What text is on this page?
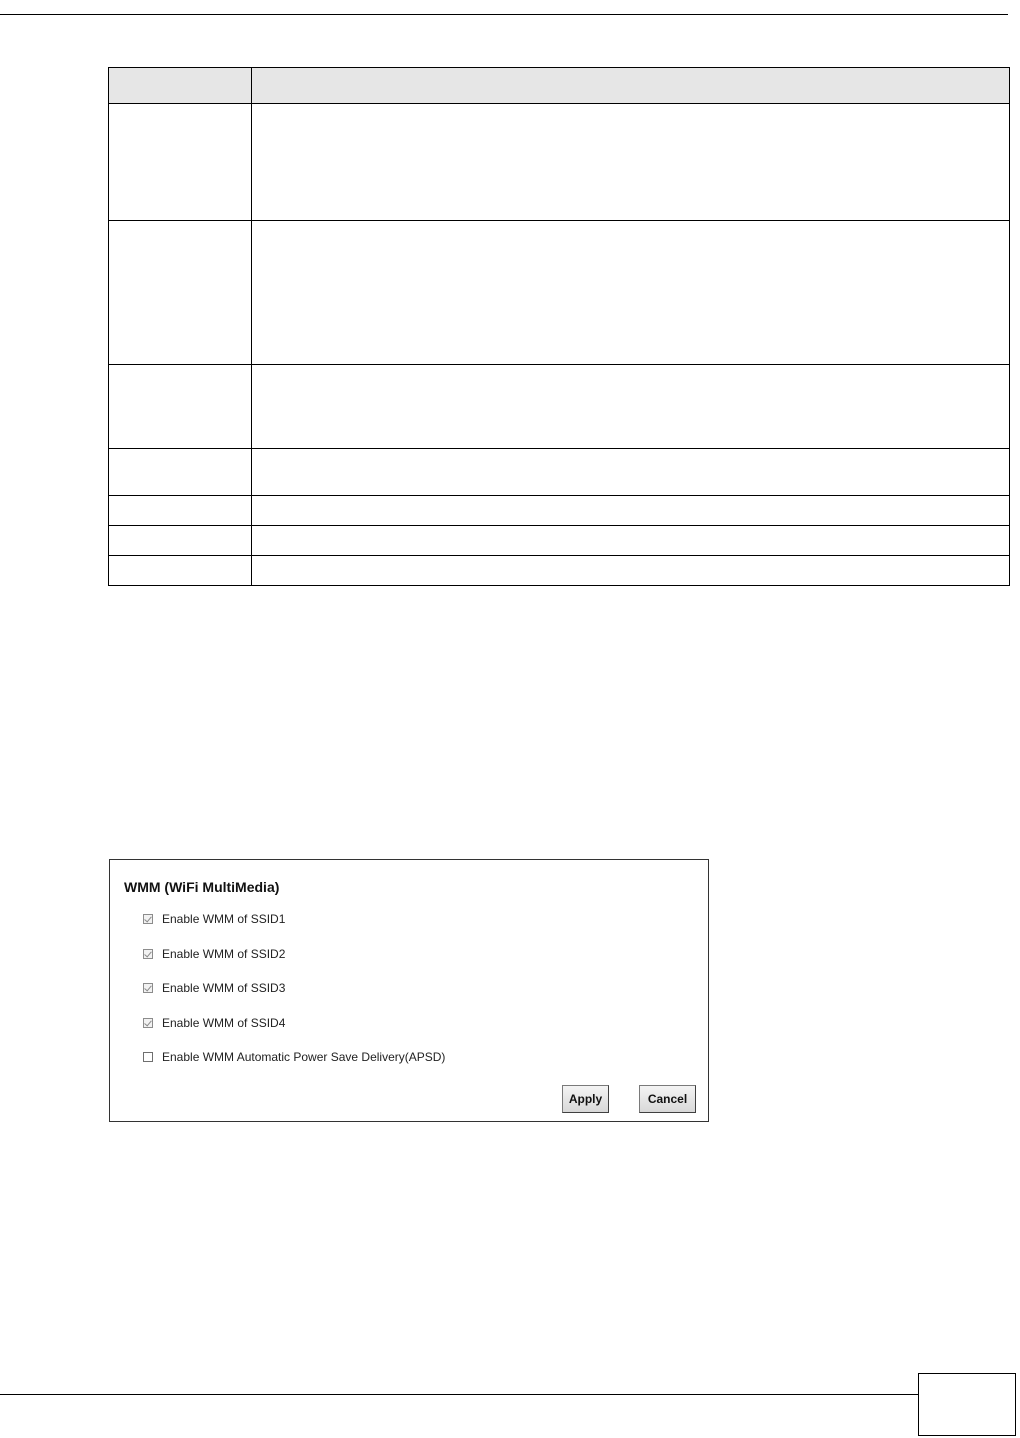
WMM (WiFi MultiMedia)
Enable WMM of SSID1
Enable WMM of SSID2
Enable WMM of SSID3
Enable WMM of SSID4
Enable WMM Automatic Power Save Delivery(APSD)
Apply	Cancel
